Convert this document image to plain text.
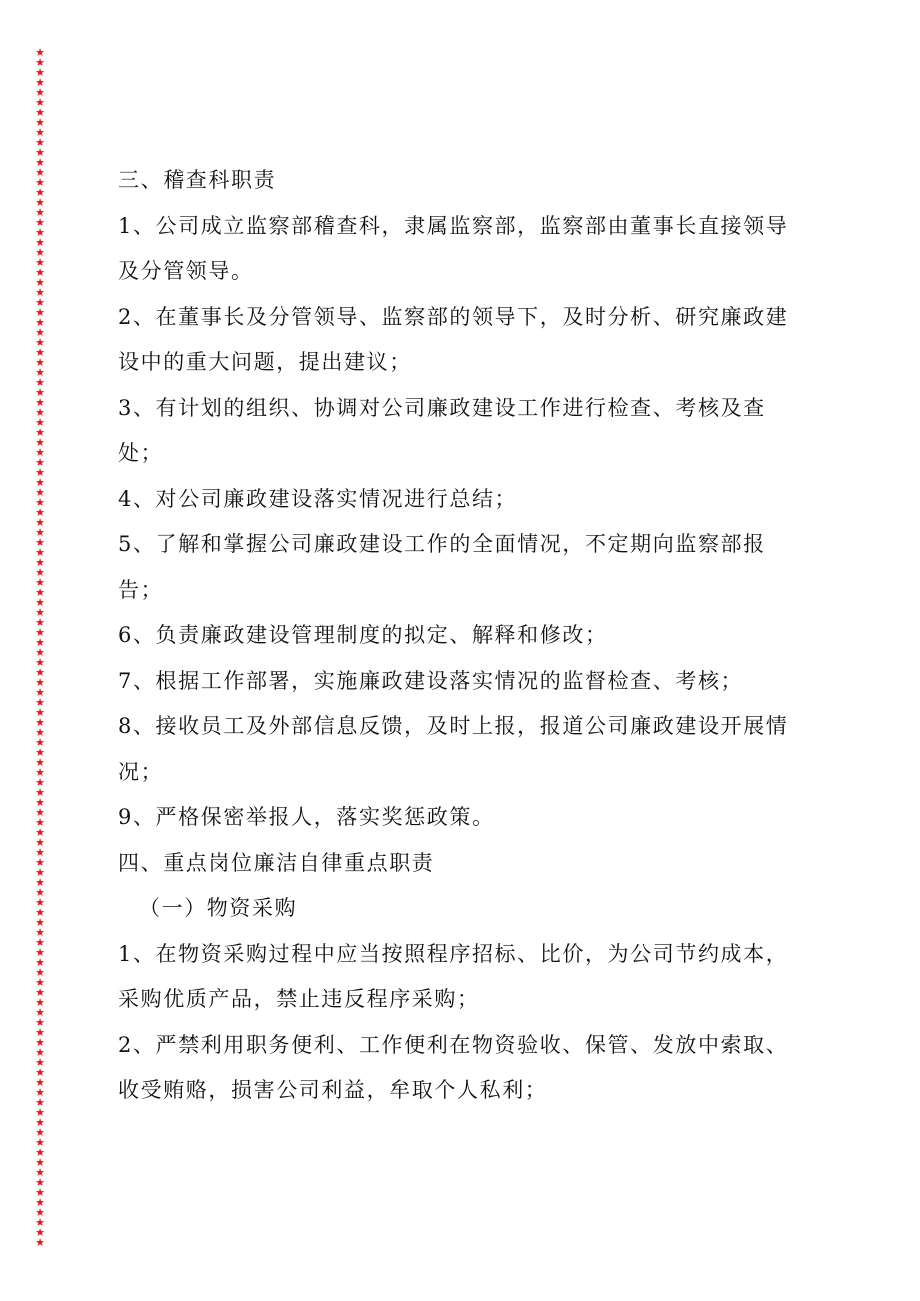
★
★
★
★
★
★
★
★
★
★
★
★
★
★
★
★
★
★
★
★
★
★
★
★
★
★
★
★
★
★
★
★
★
★
★
★
★
★
★
★
★
★
★
★
★
★
★
★
★
★
★
★
★
★
★
★
★
★
★
★
★
★
★
★
★
★
★
★
★
★
★
★
★
★
★
★
★
★
★
★
★
★
★
★
★
★
★
★
★
★
★
★
★
★
★
★
★
★
★
★
★
★
★
★
★
★
★
★
★
★
★
★
★
★
★
★
★
★
★
★
三、稽查科职责
1、公司成立监察部稽查科，隶属监察部，监察部由董事长直接领导
及分管领导。
2、在董事长及分管领导、监察部的领导下，及时分析、研究廉政建
设中的重大问题，提出建议；
3、有计划的组织、协调对公司廉政建设工作进行检查、考核及查
处；
4、对公司廉政建设落实情况进行总结；
5、了解和掌握公司廉政建设工作的全面情况，不定期向监察部报
告；
6、负责廉政建设管理制度的拟定、解释和修改；
7、根据工作部署，实施廉政建设落实情况的监督检查、考核；
8、接收员工及外部信息反馈，及时上报，报道公司廉政建设开展情
况；
9、严格保密举报人，落实奖惩政策。
四、重点岗位廉洁自律重点职责
（一）物资采购
1、在物资采购过程中应当按照程序招标、比价，为公司节约成本，
采购优质产品，禁止违反程序采购；
2、严禁利用职务便利、工作便利在物资验收、保管、发放中索取、
收受贿赂，损害公司利益，牟取个人私利；
